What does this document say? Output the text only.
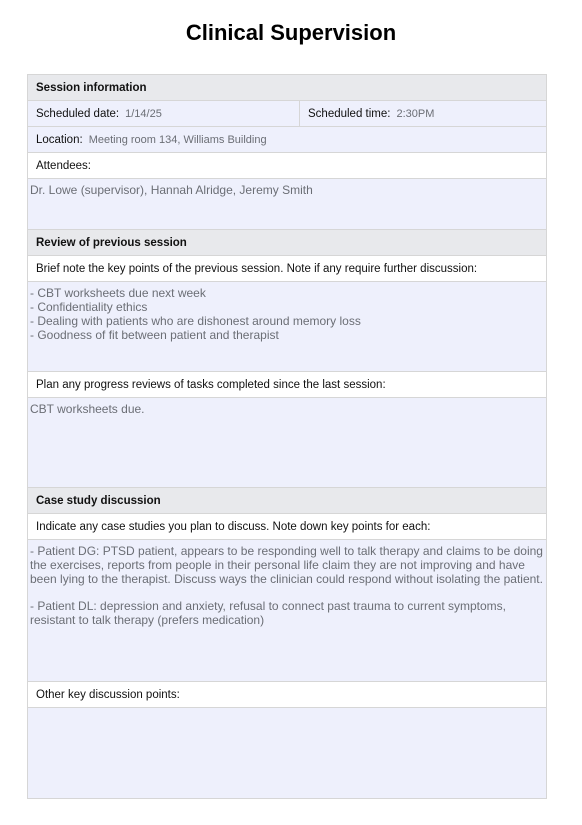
Clinical Supervision
Session information
Scheduled date: 1/14/25	Scheduled time: 2:30PM
Location: Meeting room 134, Williams Building
Attendees:
Dr. Lowe (supervisor), Hannah Alridge, Jeremy Smith
Review of previous session
Brief note the key points of the previous session. Note if any require further discussion:
- CBT worksheets due next week
- Confidentiality ethics
- Dealing with patients who are dishonest around memory loss
- Goodness of fit between patient and therapist
Plan any progress reviews of tasks completed since the last session:
CBT worksheets due.
Case study discussion
Indicate any case studies you plan to discuss. Note down key points for each:
- Patient DG: PTSD patient, appears to be responding well to talk therapy and claims to be doing
the exercises, reports from people in their personal life claim they are not improving and have
been lying to the therapist. Discuss ways the clinician could respond without isolating the patient.
- Patient DL: depression and anxiety, refusal to connect past trauma to current symptoms,
resistant to talk therapy (prefers medication)
Other key discussion points:
